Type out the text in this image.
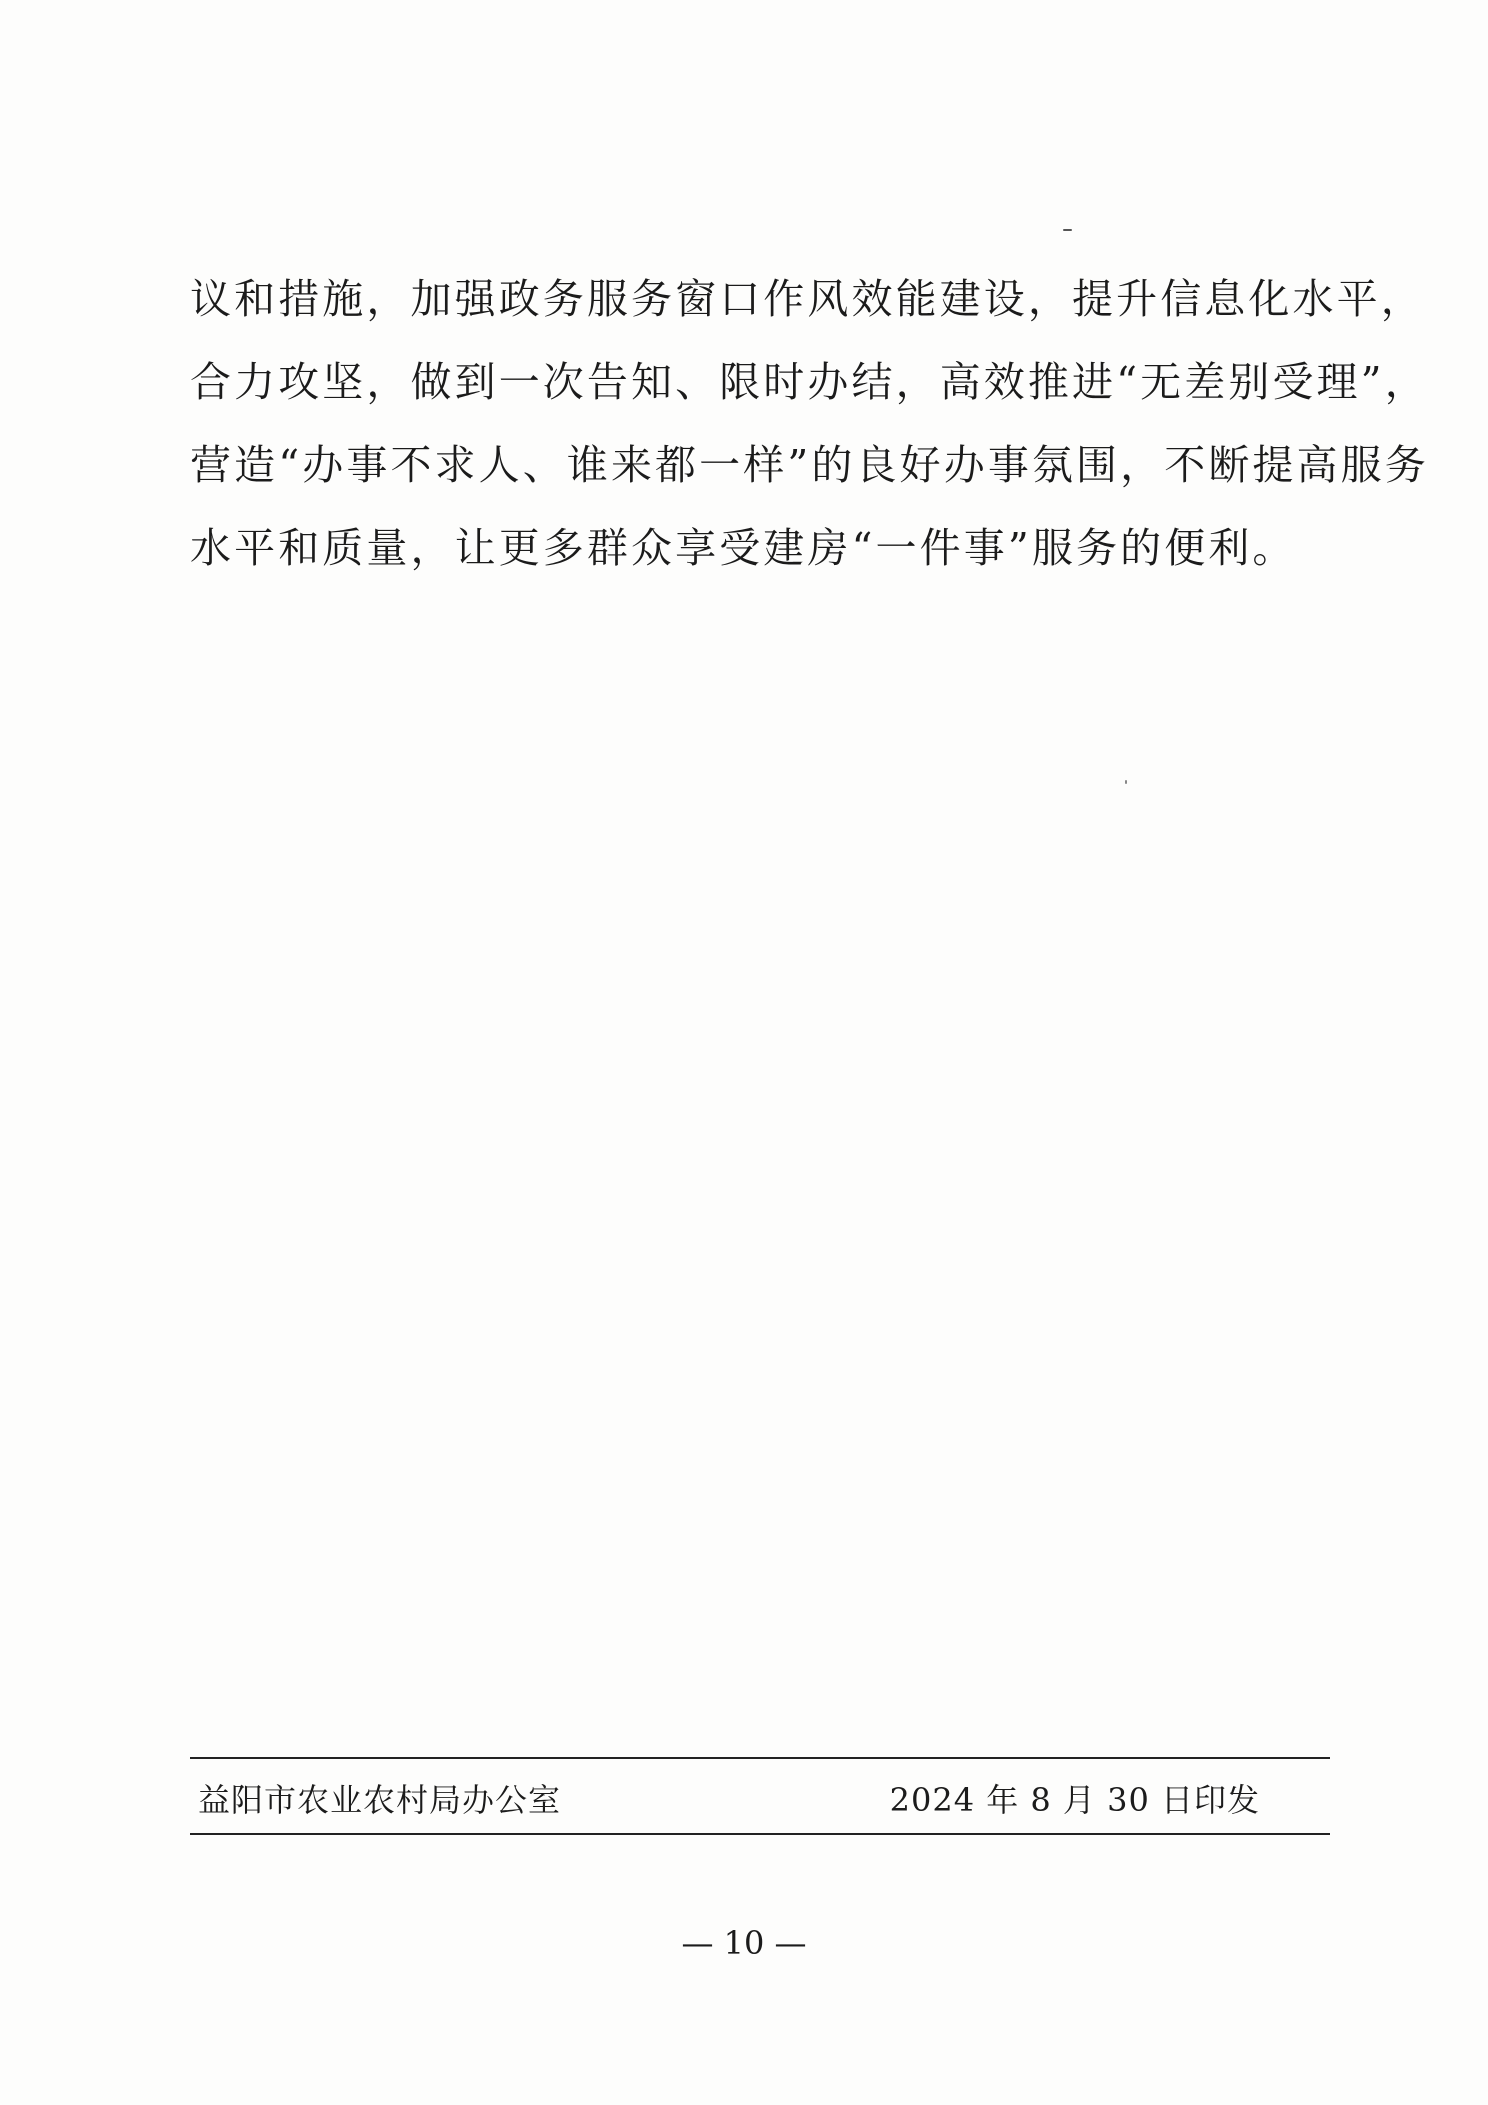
议和措施，加强政务服务窗口作风效能建设，提升信息化水平，
合力攻坚，做到一次告知、限时办结，高效推进“无差别受理”，
营造“办事不求人、谁来都一样”的良好办事氛围，不断提高服务
水平和质量，让更多群众享受建房“一件事”服务的便利。
益阳市农业农村局办公室	2024 年 8 月 30 日印发
— 10 —
